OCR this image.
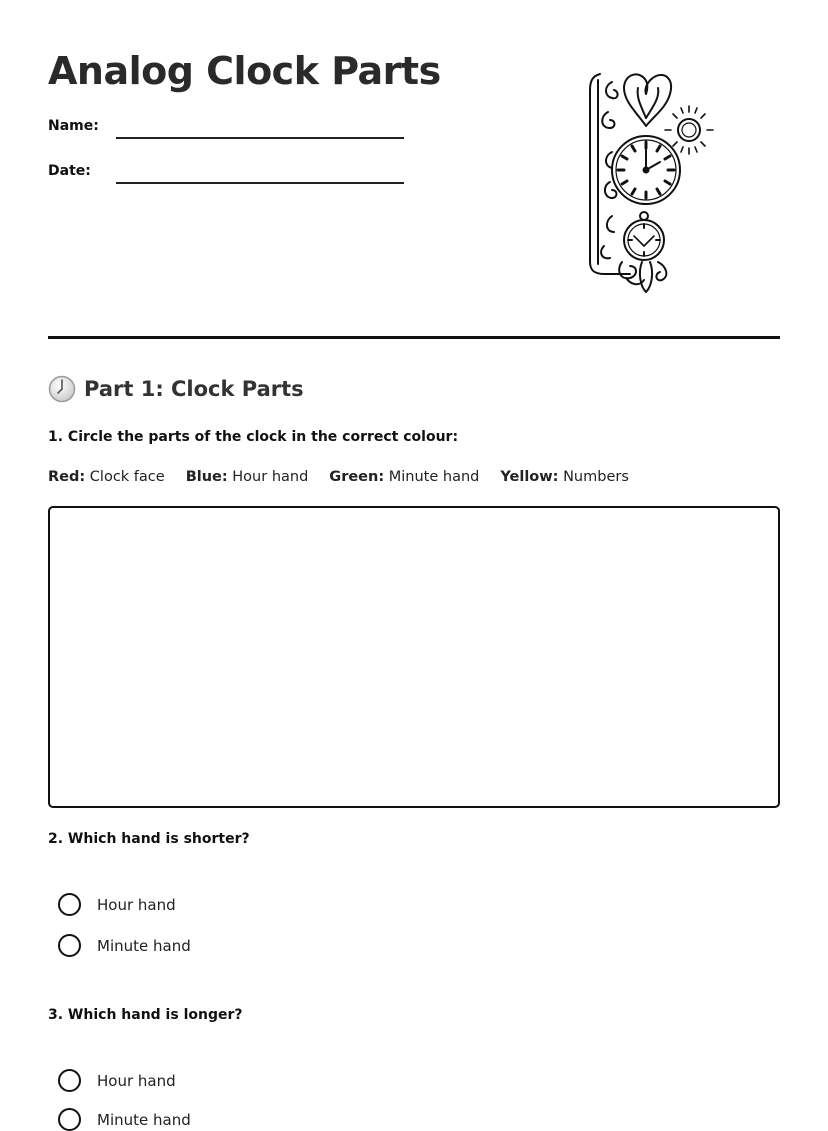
Analog Clock Parts
Name:
Date:
Part 1: Clock Parts
1. Circle the parts of the clock in the correct colour:
Red: Clock face Blue: Hour hand Green: Minute hand Yellow: Numbers
2. Which hand is shorter?
Hour hand
Minute hand
3. Which hand is longer?
Hour hand
Minute hand
